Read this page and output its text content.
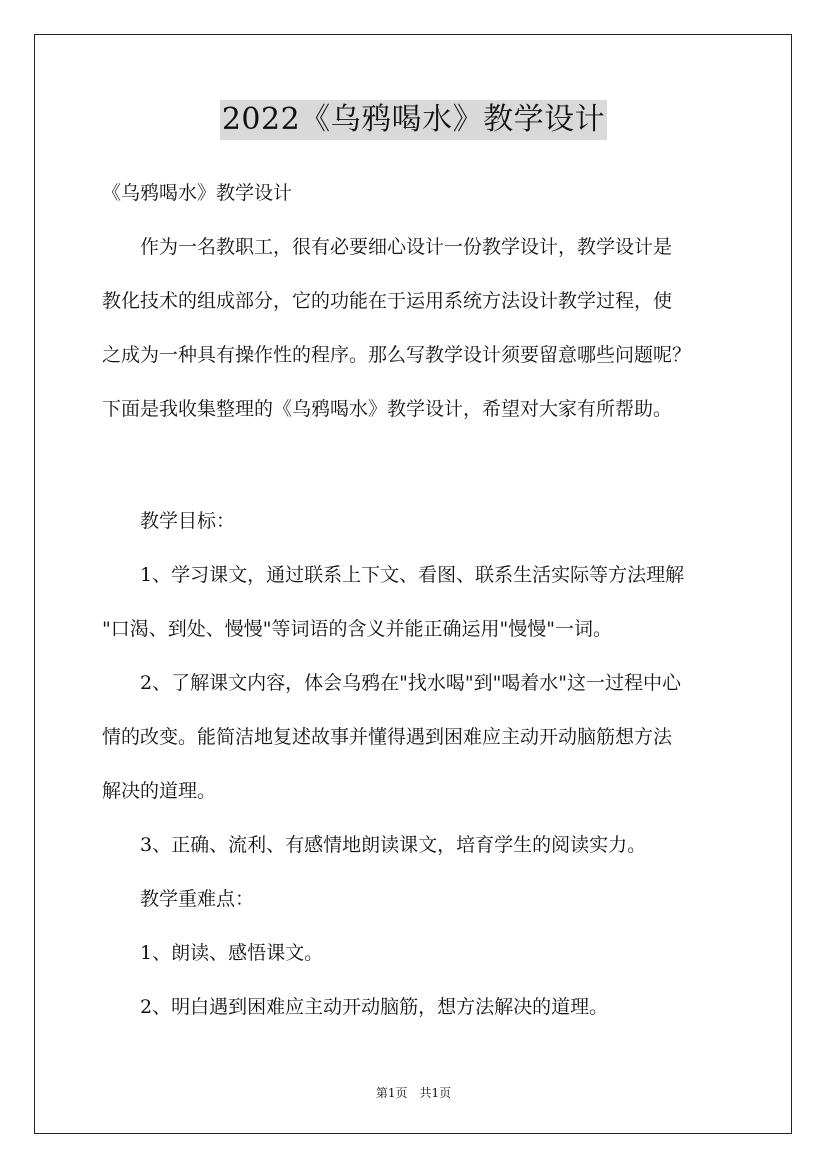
2022《乌鸦喝水》教学设计
《乌鸦喝水》教学设计
　　作为一名教职工，很有必要细心设计一份教学设计，教学设计是
教化技术的组成部分，它的功能在于运用系统方法设计教学过程，使
之成为一种具有操作性的程序。那么写教学设计须要留意哪些问题呢？
下面是我收集整理的《乌鸦喝水》教学设计，希望对大家有所帮助。
　　教学目标：
　　1、学习课文，通过联系上下文、看图、联系生活实际等方法理解
"口渴、到处、慢慢"等词语的含义并能正确运用"慢慢"一词。
　　2、了解课文内容，体会乌鸦在"找水喝"到"喝着水"这一过程中心
情的改变。能简洁地复述故事并懂得遇到困难应主动开动脑筋想方法
解决的道理。
　　3、正确、流利、有感情地朗读课文，培育学生的阅读实力。
　　教学重难点：
　　1、朗读、感悟课文。
　　2、明白遇到困难应主动开动脑筋，想方法解决的道理。
第1页 共1页
